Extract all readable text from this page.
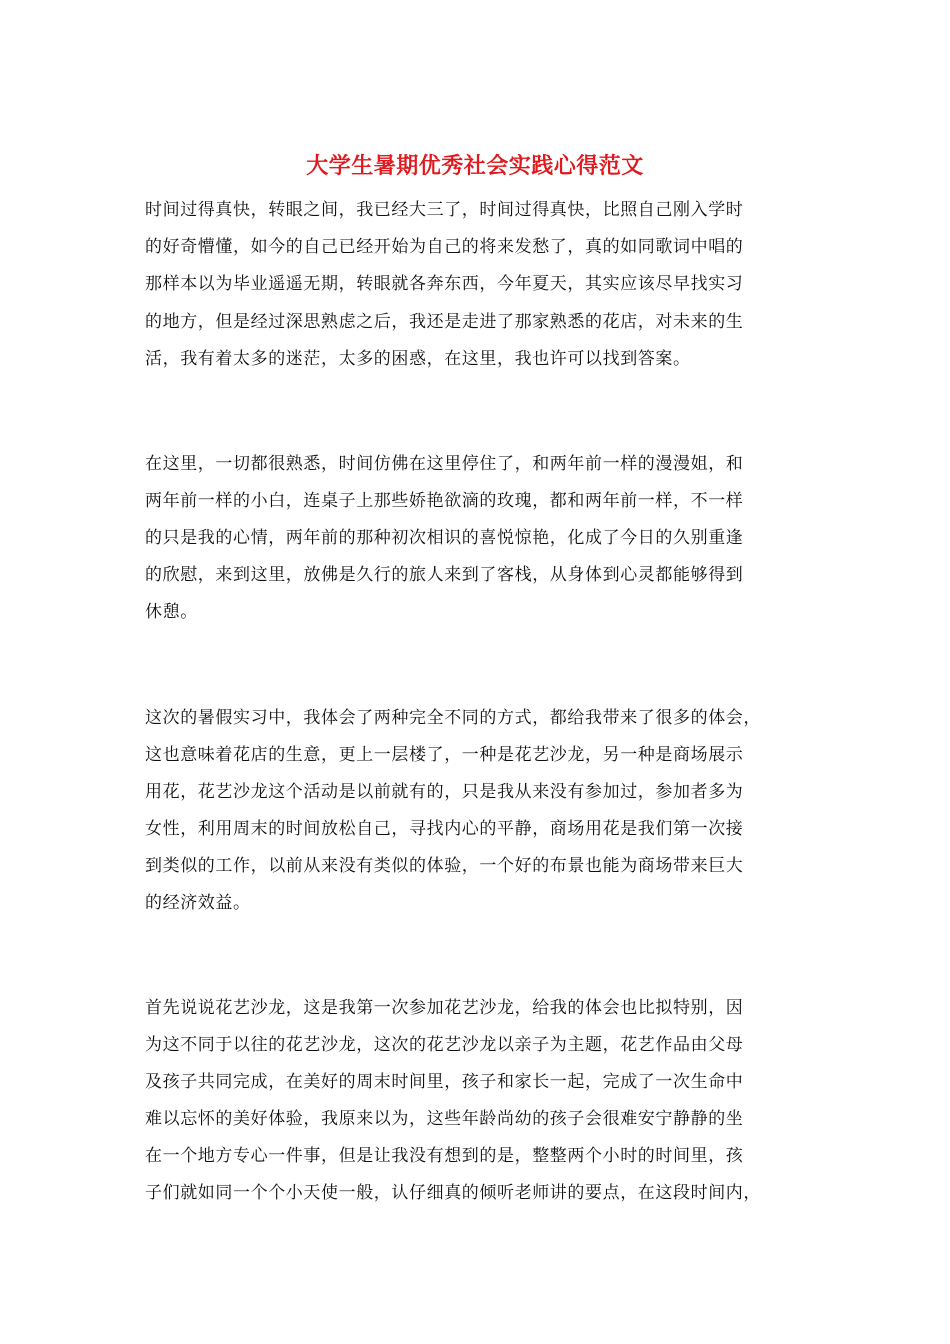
大学生暑期优秀社会实践心得范文
时间过得真快，转眼之间，我已经大三了，时间过得真快，比照自己刚入学时
的好奇懵懂，如今的自己已经开始为自己的将来发愁了，真的如同歌词中唱的
那样本以为毕业遥遥无期，转眼就各奔东西，今年夏天，其实应该尽早找实习
的地方，但是经过深思熟虑之后，我还是走进了那家熟悉的花店，对未来的生
活，我有着太多的迷茫，太多的困惑，在这里，我也许可以找到答案。
在这里，一切都很熟悉，时间仿佛在这里停住了，和两年前一样的漫漫姐，和
两年前一样的小白，连桌子上那些娇艳欲滴的玫瑰，都和两年前一样，不一样
的只是我的心情，两年前的那种初次相识的喜悦惊艳，化成了今日的久别重逢
的欣慰，来到这里，放佛是久行的旅人来到了客栈，从身体到心灵都能够得到
休憩。
这次的暑假实习中，我体会了两种完全不同的方式，都给我带来了很多的体会，
这也意味着花店的生意，更上一层楼了，一种是花艺沙龙，另一种是商场展示
用花，花艺沙龙这个活动是以前就有的，只是我从来没有参加过，参加者多为
女性，利用周末的时间放松自己，寻找内心的平静，商场用花是我们第一次接
到类似的工作，以前从来没有类似的体验，一个好的布景也能为商场带来巨大
的经济效益。
首先说说花艺沙龙，这是我第一次参加花艺沙龙，给我的体会也比拟特别，因
为这不同于以往的花艺沙龙，这次的花艺沙龙以亲子为主题，花艺作品由父母
及孩子共同完成，在美好的周末时间里，孩子和家长一起，完成了一次生命中
难以忘怀的美好体验，我原来以为，这些年龄尚幼的孩子会很难安宁静静的坐
在一个地方专心一件事，但是让我没有想到的是，整整两个小时的时间里，孩
子们就如同一个个小天使一般，认仔细真的倾听老师讲的要点，在这段时间内，
